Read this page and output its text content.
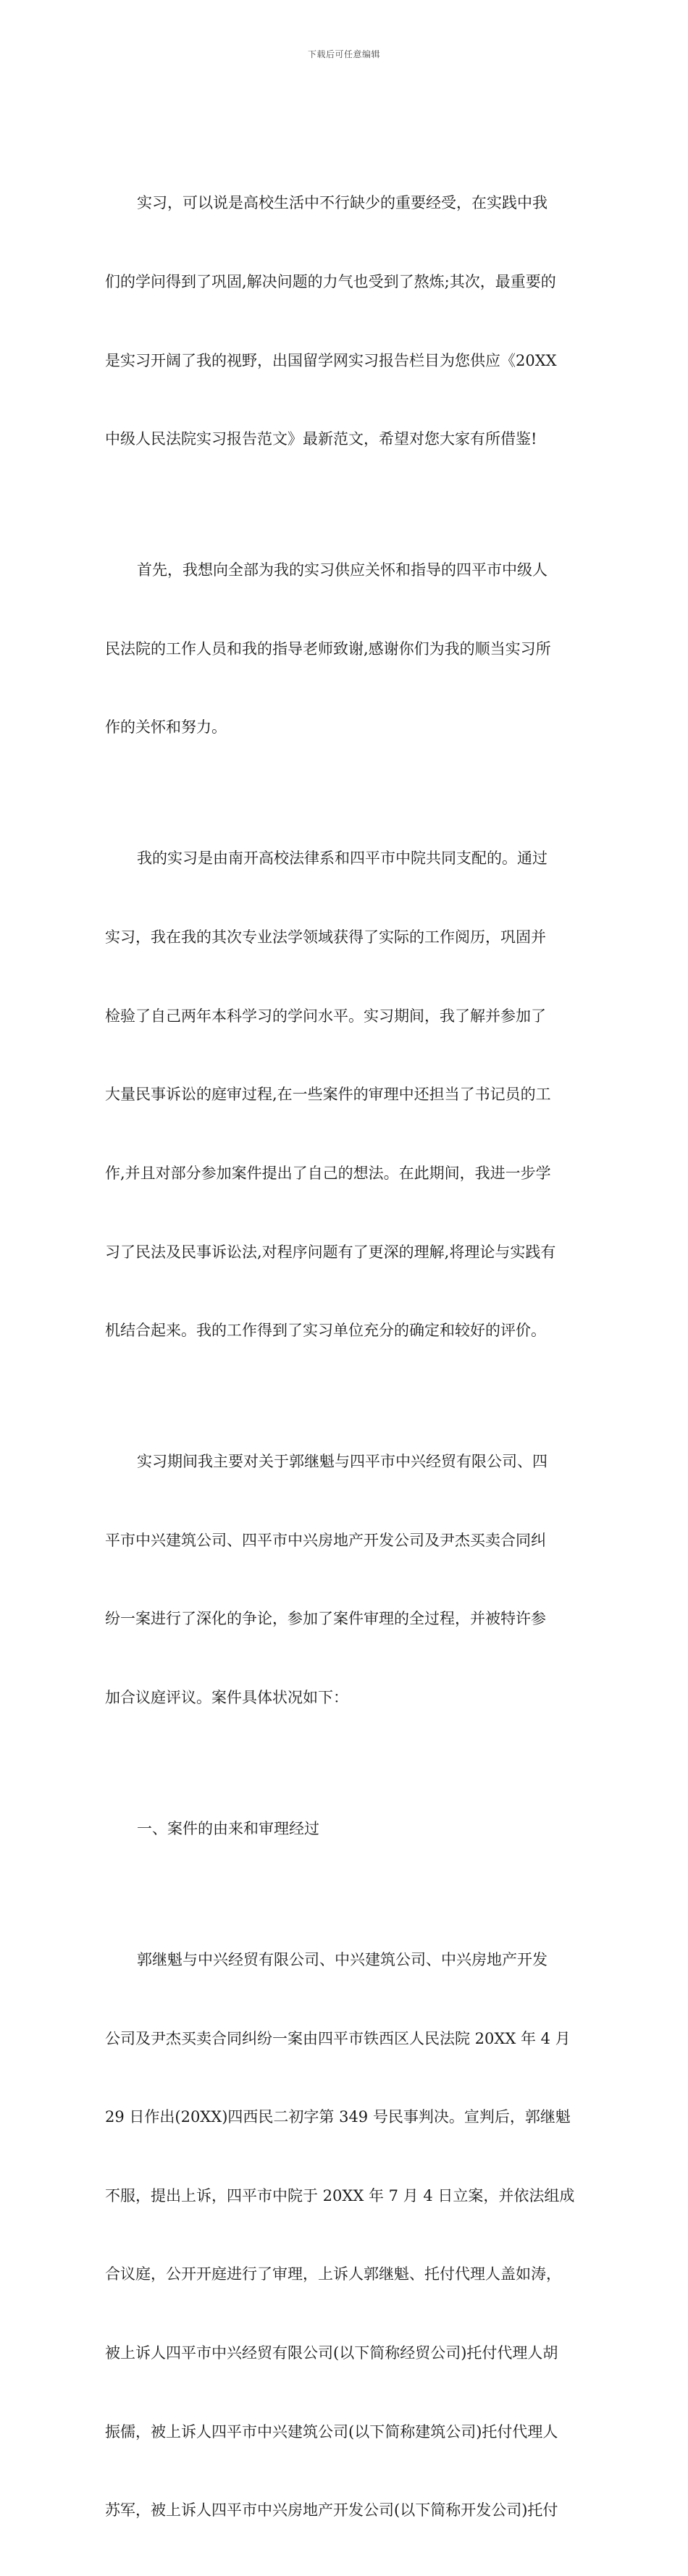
下载后可任意编辑

实习，可以说是高校生活中不行缺少的重要经受，在实践中我

们的学问得到了巩固,解决问题的力气也受到了熬炼;其次，最重要的

是实习开阔了我的视野，出国留学网实习报告栏目为您供应《20XX

中级人民法院实习报告范文》最新范文，希望对您大家有所借鉴!

首先，我想向全部为我的实习供应关怀和指导的四平市中级人

民法院的工作人员和我的指导老师致谢,感谢你们为我的顺当实习所

作的关怀和努力。

我的实习是由南开高校法律系和四平市中院共同支配的。通过

实习，我在我的其次专业法学领域获得了实际的工作阅历，巩固并

检验了自己两年本科学习的学问水平。实习期间，我了解并参加了

大量民事诉讼的庭审过程,在一些案件的审理中还担当了书记员的工

作,并且对部分参加案件提出了自己的想法。在此期间，我进一步学

习了民法及民事诉讼法,对程序问题有了更深的理解,将理论与实践有

机结合起来。我的工作得到了实习单位充分的确定和较好的评价。

实习期间我主要对关于郭继魁与四平市中兴经贸有限公司、四

平市中兴建筑公司、四平市中兴房地产开发公司及尹杰买卖合同纠

纷一案进行了深化的争论，参加了案件审理的全过程，并被特许参

加合议庭评议。案件具体状况如下：

一、案件的由来和审理经过

郭继魁与中兴经贸有限公司、中兴建筑公司、中兴房地产开发

公司及尹杰买卖合同纠纷一案由四平市铁西区人民法院 20XX 年 4 月

29 日作出(20XX)四西民二初字第 349 号民事判决。宣判后，郭继魁

不服，提出上诉，四平市中院于 20XX 年 7 月 4 日立案，并依法组成

合议庭，公开开庭进行了审理，上诉人郭继魁、托付代理人盖如涛，

被上诉人四平市中兴经贸有限公司(以下简称经贸公司)托付代理人胡

振儒，被上诉人四平市中兴建筑公司(以下简称建筑公司)托付代理人

苏军，被上诉人四平市中兴房地产开发公司(以下简称开发公司)托付
